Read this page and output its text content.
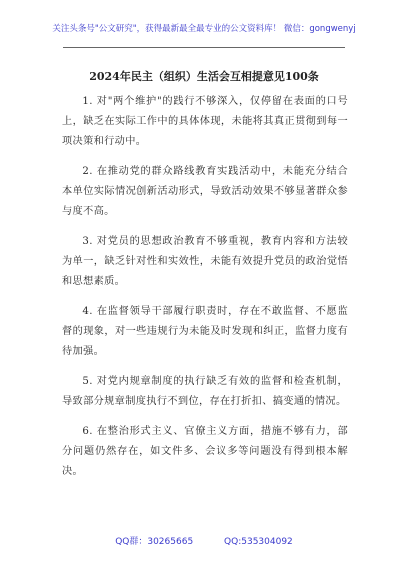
关注头条号"公文研究"，获得最新最全最专业的公文资料库！ 微信：gongwenyj
2024年民主（组织）生活会互相提意见100条

1. 对"两个维护"的践行不够深入，仅停留在表面的口号上，缺乏在实际工作中的具体体现，未能将其真正贯彻到每一项决策和行动中。

2. 在推动党的群众路线教育实践活动中，未能充分结合本单位实际情况创新活动形式，导致活动效果不够显著群众参与度不高。

3. 对党员的思想政治教育不够重视，教育内容和方法较为单一，缺乏针对性和实效性，未能有效提升党员的政治觉悟和思想素质。

4. 在监督领导干部履行职责时，存在不敢监督、不愿监督的现象，对一些违规行为未能及时发现和纠正，监督力度有待加强。

5. 对党内规章制度的执行缺乏有效的监督和检查机制，导致部分规章制度执行不到位，存在打折扣、搞变通的情况。

6. 在整治形式主义、官僚主义方面，措施不够有力，部分问题仍然存在，如文件多、会议多等问题没有得到根本解决。

QQ群：30265665	QQ:535304092
